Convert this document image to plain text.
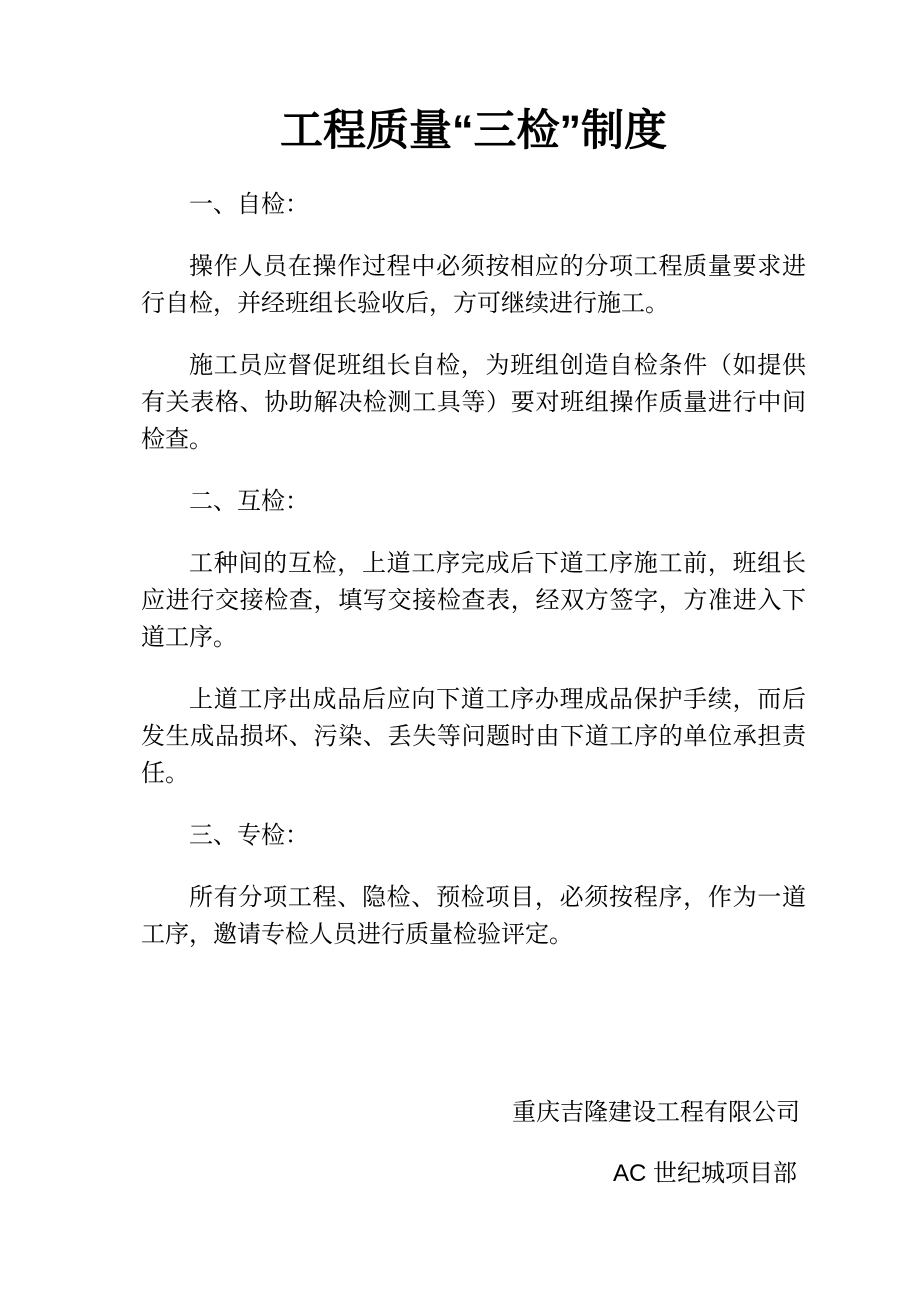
工程质量“三检”制度

一、自检：

操作人员在操作过程中必须按相应的分项工程质量要求进行自检，并经班组长验收后，方可继续进行施工。

施工员应督促班组长自检，为班组创造自检条件（如提供有关表格、协助解决检测工具等）要对班组操作质量进行中间检查。

二、互检：

工种间的互检，上道工序完成后下道工序施工前，班组长应进行交接检查，填写交接检查表，经双方签字，方准进入下道工序。

上道工序出成品后应向下道工序办理成品保护手续，而后发生成品损坏、污染、丢失等问题时由下道工序的单位承担责任。

三、专检：

所有分项工程、隐检、预检项目，必须按程序，作为一道工序，邀请专检人员进行质量检验评定。

重庆吉隆建设工程有限公司

AC 世纪城项目部
